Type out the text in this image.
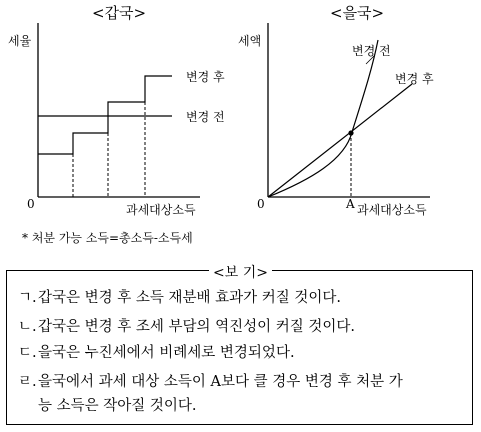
<갑국>
세율
변경 후
변경 전
0	과세대상소득
<을국>
세액
변경 전
변경 후
0	A 과세대상소득
* 처분 가능 소득=총소득-소득세
<보 기>
ㄱ.갑국은 변경 후 소득 재분배 효과가 커질 것이다.
ㄴ.갑국은 변경 후 조세 부담의 역진성이 커질 것이다.
ㄷ.을국은 누진세에서 비례세로 변경되었다.
ㄹ.을국에서 과세 대상 소득이 A보다 클 경우 변경 후 처분 가
능 소득은 작아질 것이다.
